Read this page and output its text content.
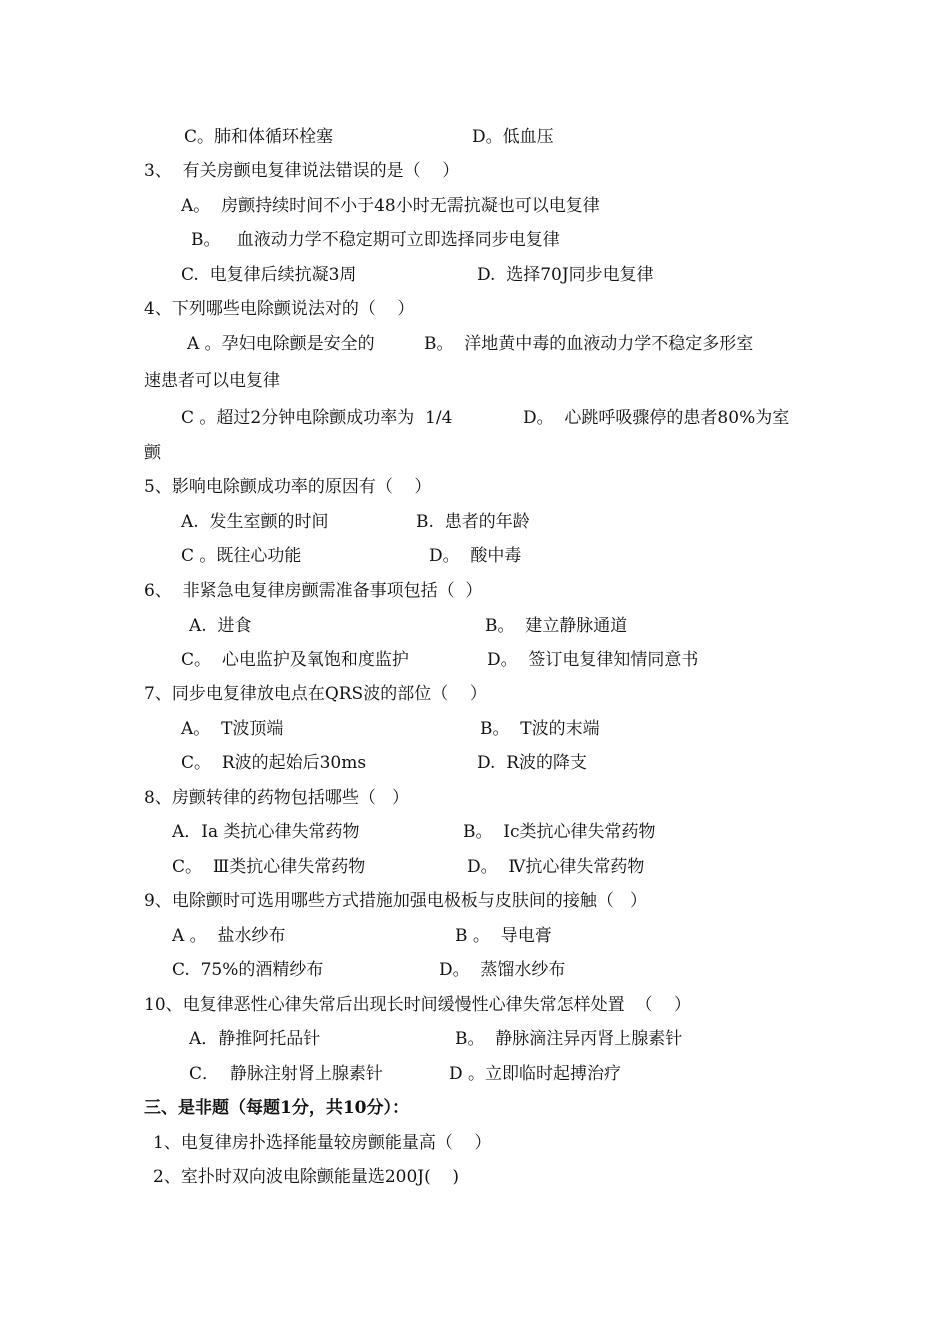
C。肺和体循环栓塞	D。低血压
3、  有关房颤电复律说法错误的是（    ）
A。  房颤持续时间不小于48小时无需抗凝也可以电复律
B。   血液动力学不稳定期可立即选择同步电复律
C.  电复律后续抗凝3周	D.  选择70J同步电复律
4、下列哪些电除颤说法对的（    ）
A 。孕妇电除颤是安全的	B。  洋地黄中毒的血液动力学不稳定多形室
速患者可以电复律
C 。超过2分钟电除颤成功率为  1/4	D。  心跳呼吸骤停的患者80%为室
颤
5、影响电除颤成功率的原因有（    ）
A.  发生室颤的时间	B.  患者的年龄
C 。既往心功能	D。  酸中毒
6、  非紧急电复律房颤需准备事项包括（  ）
A.  进食	B。  建立静脉通道
C。  心电监护及氧饱和度监护	D。  签订电复律知情同意书
7、同步电复律放电点在QRS波的部位（    ）
A。  T波顶端	B。  T波的末端
C。  R波的起始后30ms	D.  R波的降支
8、房颤转律的药物包括哪些（   ）
A．Ⅰa 类抗心律失常药物	B。  Ⅰc类抗心律失常药物
C。  Ⅲ类抗心律失常药物	D。  Ⅳ抗心律失常药物
9、电除颤时可选用哪些方式措施加强电极板与皮肤间的接触（   ）
A 。  盐水纱布	B 。  导电膏
C.  75%的酒精纱布	D。  蒸馏水纱布
10、电复律恶性心律失常后出现长时间缓慢性心律失常怎样处置  （    ）
A．静推阿托品针	B。  静脉滴注异丙肾上腺素针
C．  静脉注射肾上腺素针	D 。立即临时起搏治疗
三、是非题（每题1分，共10分）：
1、电复律房扑选择能量较房颤能量高（    ）
2、室扑时双向波电除颤能量选200J(    )
